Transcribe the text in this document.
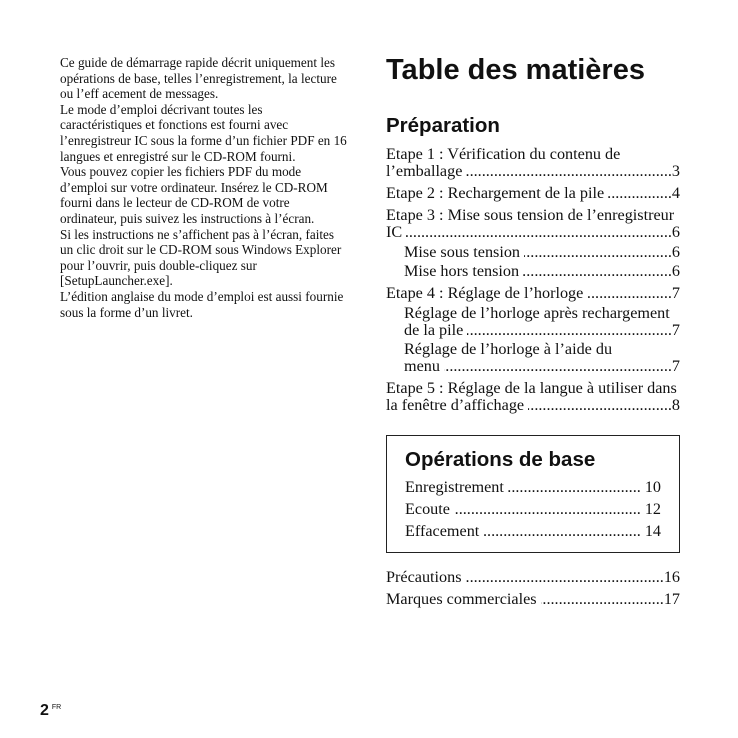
Ce guide de démarrage rapide décrit uniquement les
opérations de base, telles l’enregistrement, la lecture
ou l’eff acement de messages.

Le mode d’emploi décrivant toutes les
caractéristiques et fonctions est fourni avec
l’enregistreur IC sous la forme d’un fichier PDF en 16
langues et enregistré sur le CD-ROM fourni.

Vous pouvez copier les fichiers PDF du mode
d’emploi sur votre ordinateur. Insérez le CD-ROM
fourni dans le lecteur de CD-ROM de votre
ordinateur, puis suivez les instructions à l’écran.

Si les instructions ne s’affichent pas à l’écran, faites
un clic droit sur le CD-ROM sous Windows Explorer
pour l’ouvrir, puis double-cliquez sur
[SetupLauncher.exe].

L’édition anglaise du mode d’emploi est aussi fournie
sous la forme d’un livret.

Table des matières
Préparation
Etape 1 : Vérification du contenu de
l’emballage .....	3
Etape 2 : Rechargement de la pile .....	4
Etape 3 : Mise sous tension de l’enregistreur
IC .....	6
Mise sous tension .....	6
Mise hors tension .....	6
Etape 4 : Réglage de l’horloge .....	7
Réglage de l’horloge après rechargement
de la pile .....	7
Réglage de l’horloge à l’aide du
menu .....	7
Etape 5 : Réglage de la langue à utiliser dans
la fenêtre d’affichage .....	8
Opérations de base
Enregistrement .....	10
Ecoute .....	12
Effacement .....	14
Précautions .....	16
Marques commerciales .....	17
2 $^{FR}$
